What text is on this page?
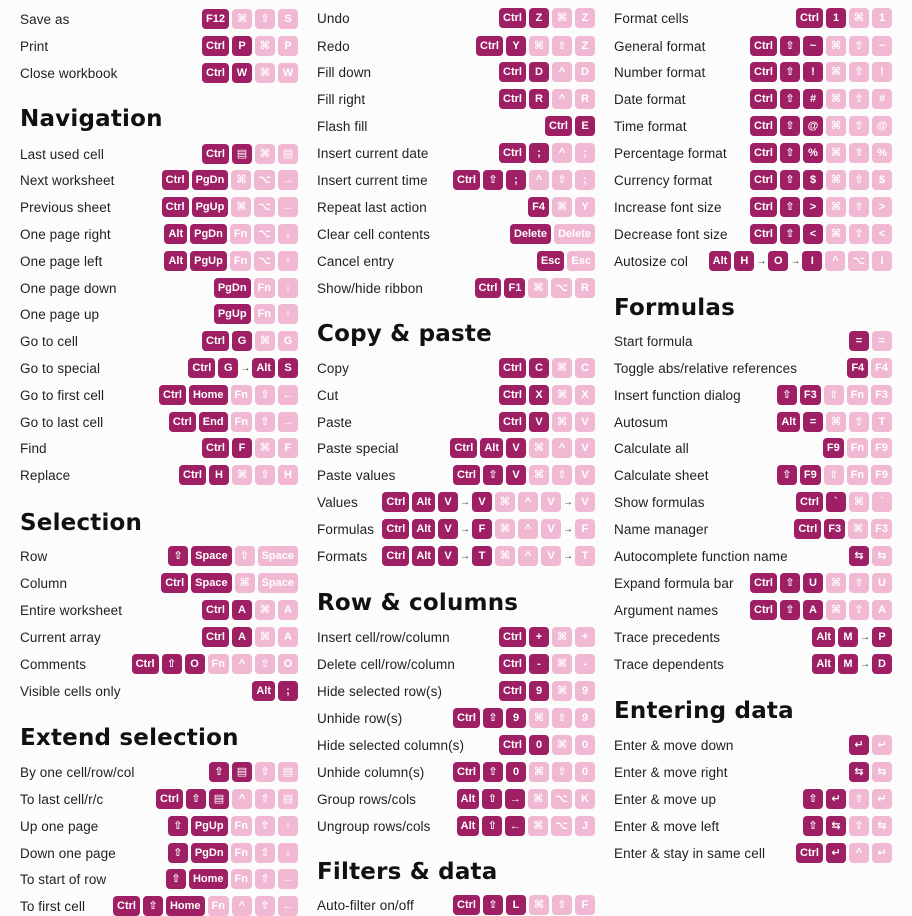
Save as	F12	⌘	⇧	S
Print	Ctrl	P	⌘	P
Close workbook	Ctrl	W	⌘	W
Navigation
Last used cell	Ctrl	▤	⌘	▤
Next worksheet	Ctrl	PgDn	⌘	⌥	→
Previous sheet	Ctrl	PgUp	⌘	⌥	←
One page right	Alt	PgDn	Fn	⌥	↓
One page left	Alt	PgUp	Fn	⌥	↑
One page down	PgDn	Fn	↓
One page up	PgUp	Fn	↑
Go to cell	Ctrl	G	⌘	G
Go to special	Ctrl	G → Alt	S
Go to first cell	Ctrl	Home	Fn	⇧	←
Go to last cell	Ctrl	End	Fn	⇧	→
Find	Ctrl	F	⌘	F
Replace	Ctrl	H	⌘	⇧	H
Selection
Row	⇧	Space	⇧	Space
Column	Ctrl	Space	⌘	Space
Entire worksheet	Ctrl	A	⌘	A
Current array	Ctrl	A	⌘	A
Comments	Ctrl	⇧	O	Fn	^	⇧	O
Visible cells only	Alt	;
Extend selection
By one cell/row/col	⇧	▤	⇧	▤
To last cell/r/c	Ctrl	⇧	▤	^	⇧	▤
Up one page	⇧	PgUp	Fn	⇧	↑
Down one page	⇧	PgDn	Fn	⇧	↓
To start of row	⇧	Home	Fn	⇧	←
To first cell	Ctrl	⇧	Home	Fn	^	⇧	←
Undo	Ctrl	Z	⌘	Z
Redo	Ctrl	Y	⌘	⇧	Z
Fill down	Ctrl	D	^	D
Fill right	Ctrl	R	^	R
Flash fill	Ctrl	E
Insert current date	Ctrl	;	^	;
Insert current time	Ctrl	⇧	;	^	⇧	;
Repeat last action	F4	⌘	Y
Clear cell contents	Delete	Delete
Cancel entry	Esc	Esc
Show/hide ribbon	Ctrl	F1	⌘	⌥	R
Copy & paste
Copy	Ctrl	C	⌘	C
Cut	Ctrl	X	⌘	X
Paste	Ctrl	V	⌘	V
Paste special	Ctrl	Alt	V	⌘	^	V
Paste values	Ctrl	⇧	V	⌘	⇧	V
Values	Ctrl	Alt	V → V	⌘	^	V → V
Formulas	Ctrl	Alt	V → F	⌘	^	V → F
Formats	Ctrl	Alt	V → T	⌘	^	V → T
Row & columns
Insert cell/row/column	Ctrl	+	⌘	+
Delete cell/row/column	Ctrl	-	⌘	-
Hide selected row(s)	Ctrl	9	⌘	9
Unhide row(s)	Ctrl	⇧	9	⌘	⇧	9
Hide selected column(s)	Ctrl	0	⌘	0
Unhide column(s)	Ctrl	⇧	0	⌘	⇧	0
Group rows/cols	Alt	⇧	→	⌘	⌥	K
Ungroup rows/cols	Alt	⇧	←	⌘	⌥	J
Filters & data
Auto-filter on/off	Ctrl	⇧	L	⌘	⇧	F
Format cells	Ctrl	1	⌘	1
General format	Ctrl	⇧	~	⌘	⇧	~
Number format	Ctrl	⇧	!	⌘	⇧	!
Date format	Ctrl	⇧	#	⌘	⇧	#
Time format	Ctrl	⇧	@	⌘	⇧	@
Percentage format	Ctrl	⇧	%	⌘	⇧	%
Currency format	Ctrl	⇧	$	⌘	⇧	$
Increase font size	Ctrl	⇧	>	⌘	⇧	>
Decrease font size	Ctrl	⇧	<	⌘	⇧	<
Autosize col	Alt	H → O → I	^	⌥	I
Formulas
Start formula	=	=
Toggle abs/relative references	F4	F4
Insert function dialog	⇧	F3	⇧	Fn	F3
Autosum	Alt	=	⌘	⇧	T
Calculate all	F9	Fn	F9
Calculate sheet	⇧	F9	⇧	Fn	F9
Show formulas	Ctrl	`	⌘	`
Name manager	Ctrl	F3	⌘	F3
Autocomplete function name	⇆	⇆
Expand formula bar	Ctrl	⇧	U	⌘	⇧	U
Argument names	Ctrl	⇧	A	⌘	⇧	A
Trace precedents	Alt	M → P
Trace dependents	Alt	M → D
Entering data
Enter & move down	↵	↵
Enter & move right	⇆	⇆
Enter & move up	⇧	↵	⇧	↵
Enter & move left	⇧	⇆	⇧	⇆
Enter & stay in same cell	Ctrl	↵	^	↵
